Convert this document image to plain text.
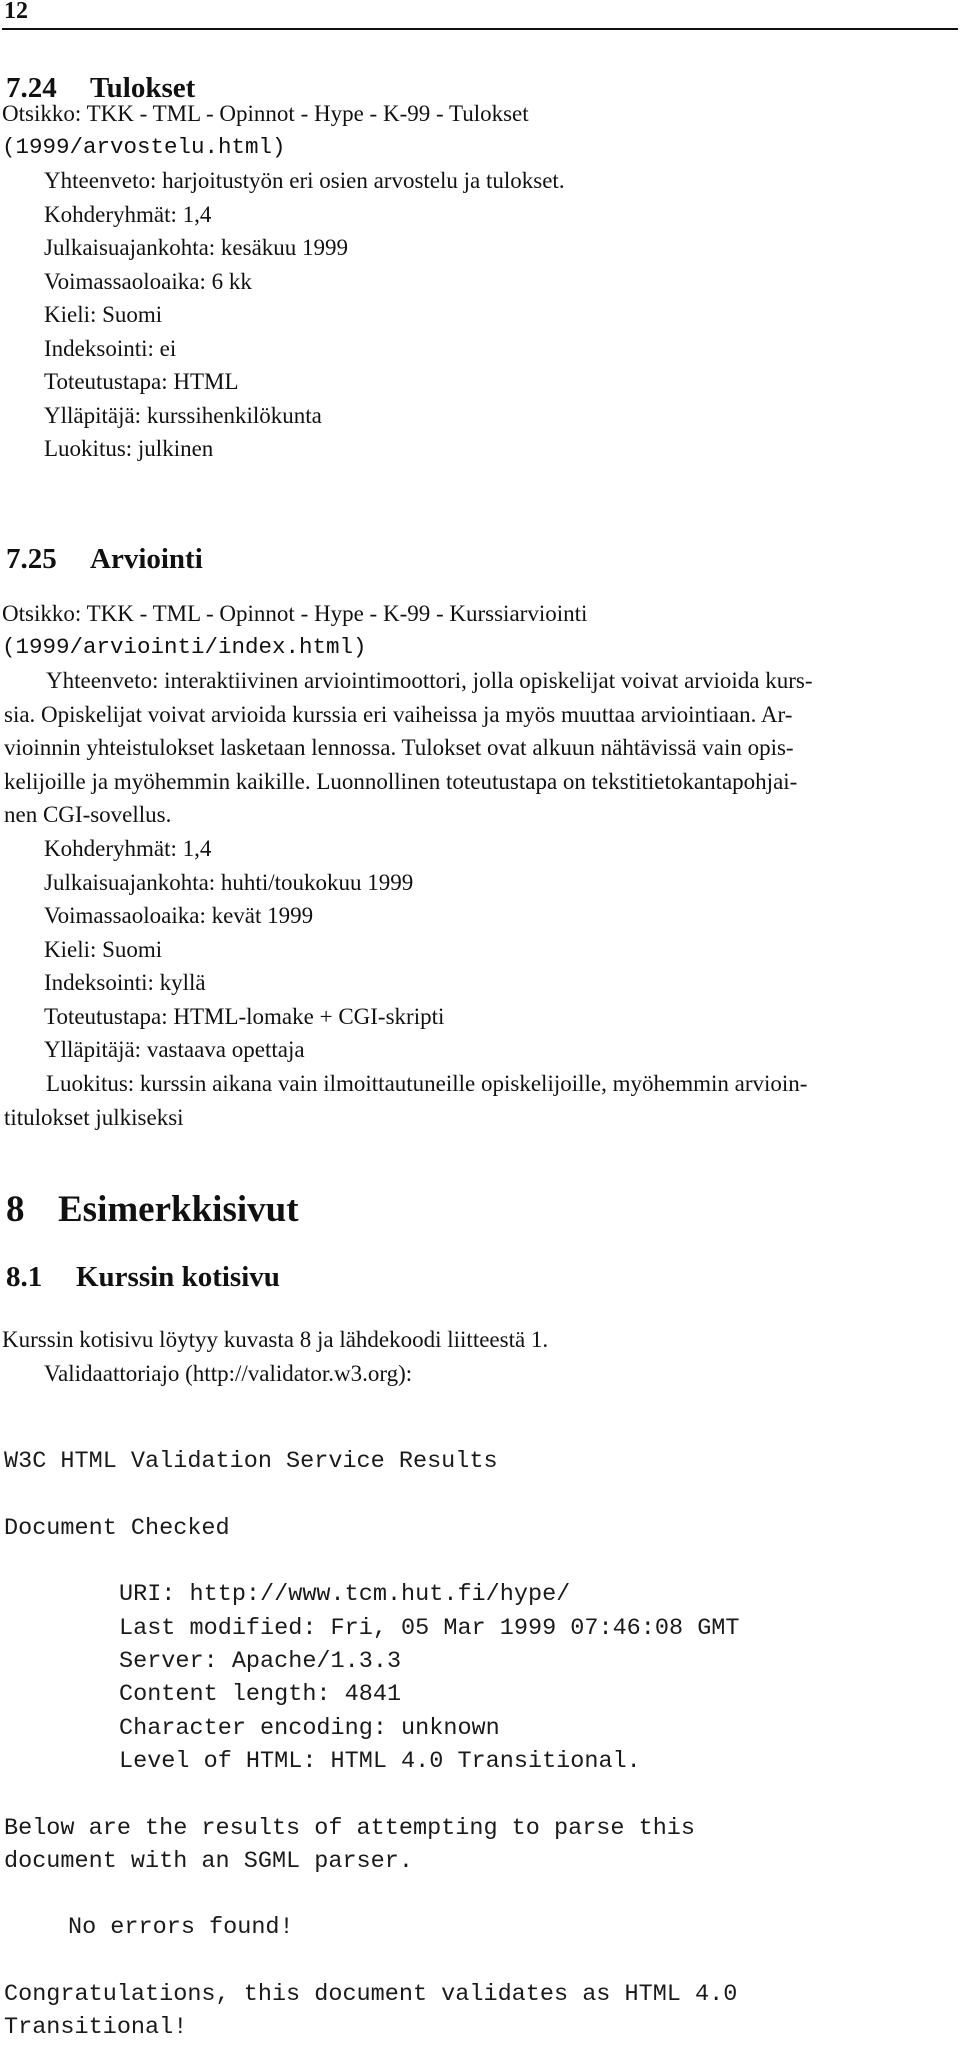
12
7.24 Tulokset
Otsikko: TKK - TML - Opinnot - Hype - K-99 - Tulokset
(1999/arvostelu.html)
Yhteenveto: harjoitustyön eri osien arvostelu ja tulokset.
Kohderyhmät: 1,4
Julkaisuajankohta: kesäkuu 1999
Voimassaoloaika: 6 kk
Kieli: Suomi
Indeksointi: ei
Toteutustapa: HTML
Ylläpitäjä: kurssihenkilökunta
Luokitus: julkinen
7.25 Arviointi
Otsikko: TKK - TML - Opinnot - Hype - K-99 - Kurssiarviointi
(1999/arviointi/index.html)
Yhteenveto: interaktiivinen arviointimoottori, jolla opiskelijat voivat arvioida kurs-
sia. Opiskelijat voivat arvioida kurssia eri vaiheissa ja myös muuttaa arviointiaan. Ar-
vioinnin yhteistulokset lasketaan lennossa. Tulokset ovat alkuun nähtävissä vain opis-
kelijoille ja myöhemmin kaikille. Luonnollinen toteutustapa on tekstitietokantapohjai-
nen CGI-sovellus.
Kohderyhmät: 1,4
Julkaisuajankohta: huhti/toukokuu 1999
Voimassaoloaika: kevät 1999
Kieli: Suomi
Indeksointi: kyllä
Toteutustapa: HTML-lomake + CGI-skripti
Ylläpitäjä: vastaava opettaja
Luokitus: kurssin aikana vain ilmoittautuneille opiskelijoille, myöhemmin arvioin-
titulokset julkiseksi
8 Esimerkkisivut
8.1 Kurssin kotisivu
Kurssin kotisivu löytyy kuvasta 8 ja lähdekoodi liitteestä 1.
Validaattoriajo (http://validator.w3.org):

W3C HTML Validation Service Results

Document Checked

URI: http://www.tcm.hut.fi/hype/
Last modified: Fri, 05 Mar 1999 07:46:08 GMT
Server: Apache/1.3.3
Content length: 4841
Character encoding: unknown
Level of HTML: HTML 4.0 Transitional.

Below are the results of attempting to parse this
document with an SGML parser.

No errors found!

Congratulations, this document validates as HTML 4.0
Transitional!
